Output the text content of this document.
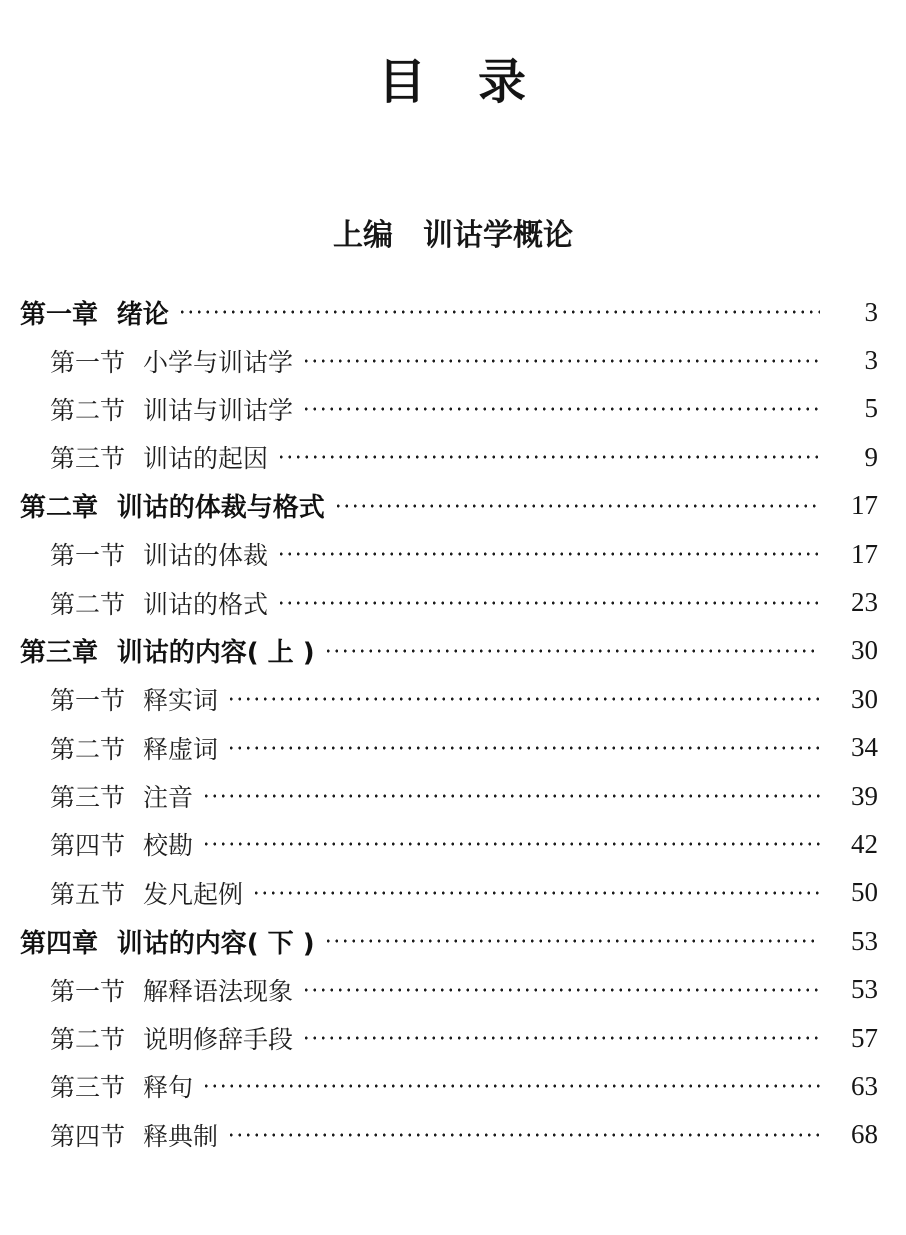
目　录
上编　训诂学概论
第一章 绪论	3
第一节 小学与训诂学	3
第二节 训诂与训诂学	5
第三节 训诂的起因	9
第二章 训诂的体裁与格式	17
第一节 训诂的体裁	17
第二节 训诂的格式	23
第三章 训诂的内容( 上 )	30
第一节 释实词	30
第二节 释虚词	34
第三节 注音	39
第四节 校勘	42
第五节 发凡起例	50
第四章 训诂的内容( 下 )	53
第一节 解释语法现象	53
第二节 说明修辞手段	57
第三节 释句	63
第四节 释典制	68
